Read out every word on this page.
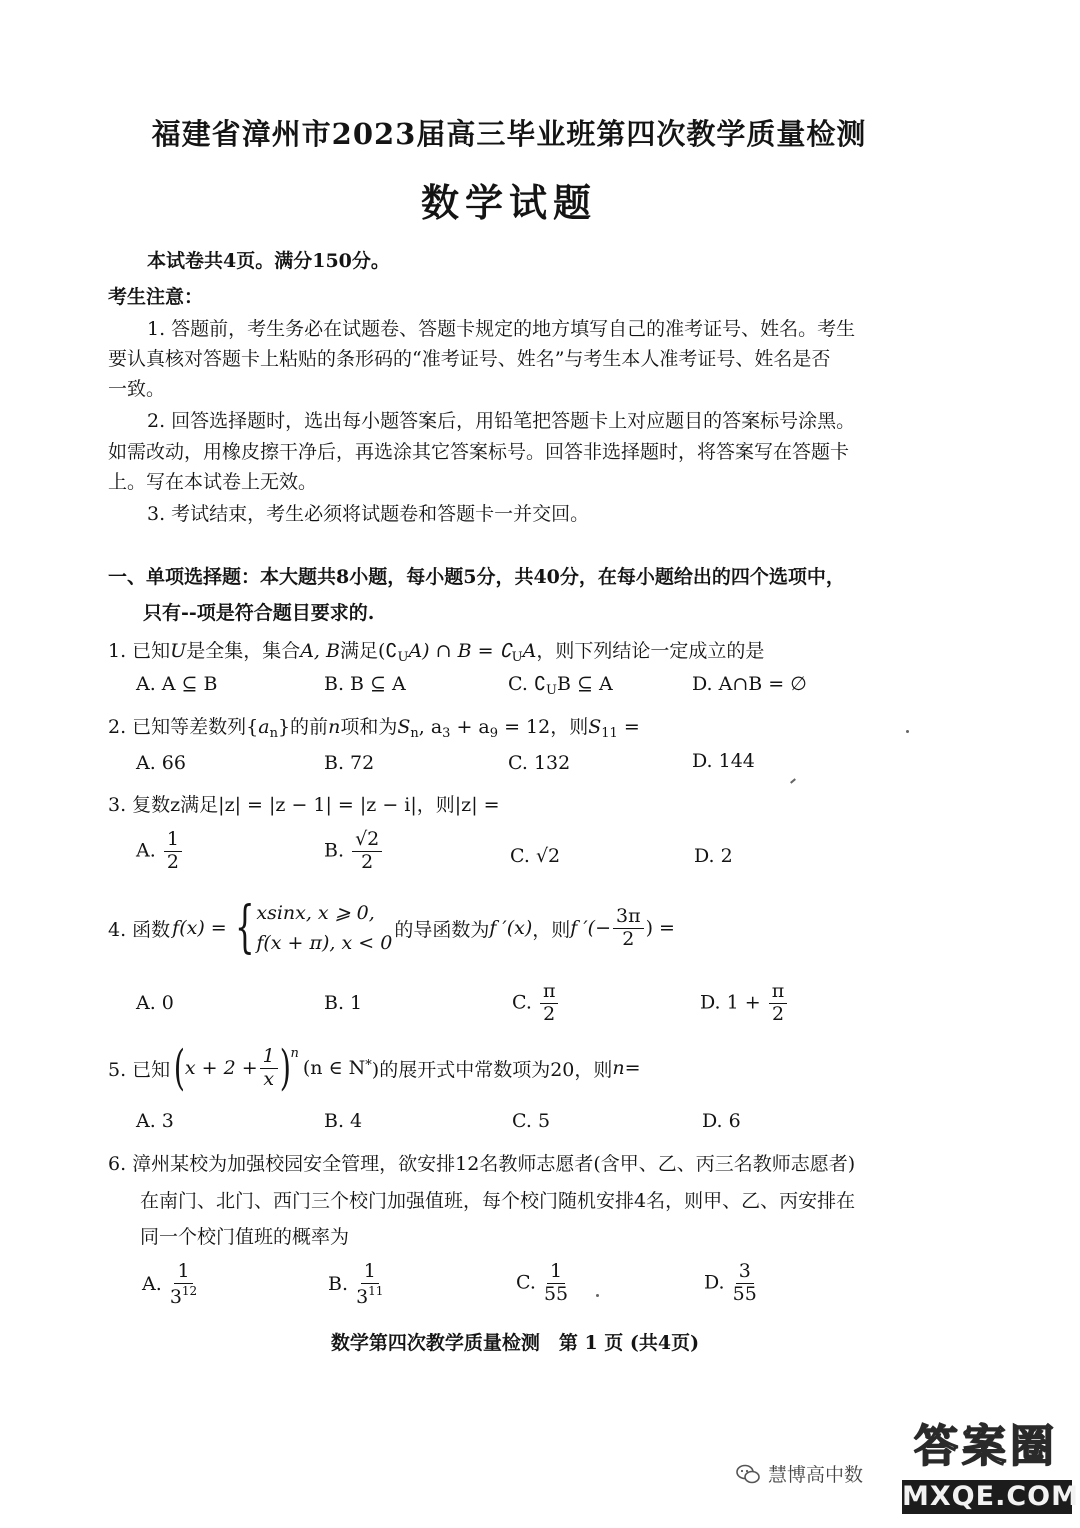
福建省漳州市2023届高三毕业班第四次教学质量检测
数学试题
本试卷共4页。满分150分。
考生注意：
1. 答题前，考生务必在试题卷、答题卡规定的地方填写自己的准考证号、姓名。考生
要认真核对答题卡上粘贴的条形码的“准考证号、姓名”与考生本人准考证号、姓名是否
一致。
2. 回答选择题时，选出每小题答案后，用铅笔把答题卡上对应题目的答案标号涂黑。
如需改动，用橡皮擦干净后，再选涂其它答案标号。回答非选择题时，将答案写在答题卡
上。写在本试卷上无效。
3. 考试结束，考生必须将试题卷和答题卡一并交回。
一、单项选择题：本大题共8小题，每小题5分，共40分，在每小题给出的四个选项中，
只有--项是符合题目要求的.
1. 已知U是全集，集合A, B满足$(∁_UA)$ ∩ $B = ∁_UA$，则下列结论一定成立的是
A. A ⊆ B	B. B ⊆ A	C. $∁_UB$ ⊆ A	D. A∩B = ∅
2. 已知等差数列$\{a_n\}$的前n项和为$S_n$, $a_3 + a_9 = 12$，则$S_{11}$ =
A. 66	B. 72	C. 132	D. 144
3. 复数z满足|z| = |z − 1| = |z − i|，则|z| =
A. $\frac{1}{2}$	B. $\frac{√2}{2}$	C. √2	D. 2
4. 函数 f(x) = { xsinx, x ⩾ 0,
f(x + π), x < 0
的导函数为 f ′(x) ，则 f ′(− $\frac{3\pi}{2}$ ) =
A. 0	B. 1	C. $\frac{\pi}{2}$	D. $1 + \frac{\pi}{2}$
5. 已知 ( $x + 2 + \frac{1}{x}$ ) n
(n ∈ N * )的展开式中常数项为20，则 n =
A. 3	B. 4	C. 5	D. 6
6. 漳州某校为加强校园安全管理，欲安排12名教师志愿者(含甲、乙、丙三名教师志愿者)
在南门、北门、西门三个校门加强值班，每个校门随机安排4名，则甲、乙、丙安排在
同一个校门值班的概率为
A. $\frac{1}{3^{12}}$	B. $\frac{1}{3^{11}}$	C. $\frac{1}{55}$	D. $\frac{3}{55}$
数学第四次教学质量检测　第 1 页 (共4页)
慧博高中数
答案圈
MXQE.COM
